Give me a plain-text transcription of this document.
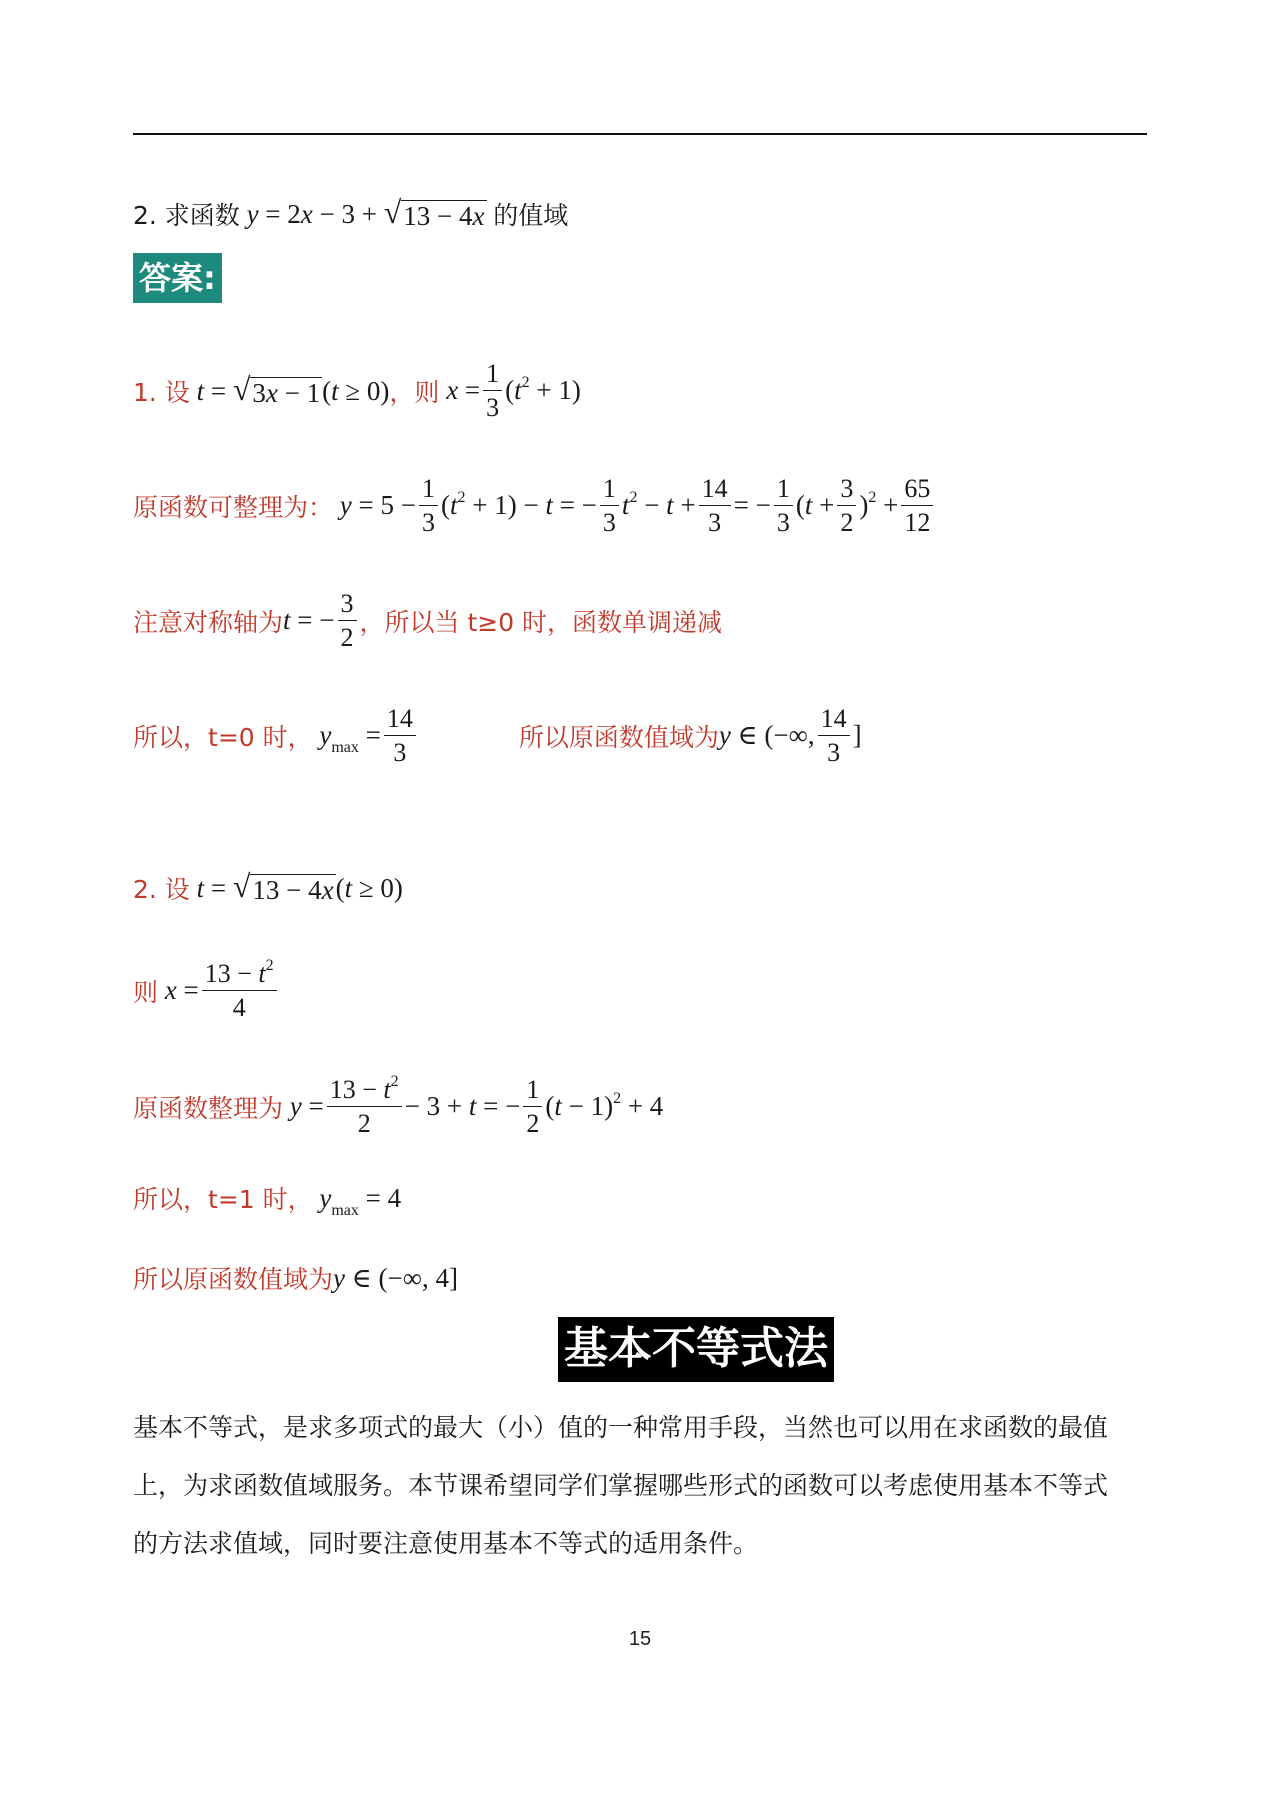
2. 求函数 y = 2x − 3 + √ 13 − 4x
的值域
答案:
1. 设 t = √ 3x − 1 (t ≥ 0) ，则 $x = \frac{1}{3} (t^2 + 1)$
原函数可整理为： $y = 5 - \frac{1}{3} (t^2 + 1) - t$ = − $\frac{1}{3} t^2 - t + \frac{14}{3}$ = − $\frac{1}{3} (t + \frac{3}{2} )^2 + \frac{65}{12}$
注意对称轴为 t = − $\frac{3}{2}$ ，所以当 t≥0 时，函数单调递减
所以， t=0 时， $y_{max} = \frac{14}{3}$	所以原函数值域为 y ∈ (−∞, $\frac{14}{3}$ ]
2. 设 t = √ 13 − 4x (t ≥ 0)
则 $x = \frac{13 - t^2}{4}$
原函数整理为 $y = \frac{13 - t^2}{2} - 3 + t$ = − $\frac{1}{2} (t - 1)^2 + 4$
所以， t=1 时， $y_{max} = 4$
所以原函数值域为 y ∈ (−∞, 4]
基本不等式法
基本不等式，是求多项式的最大（小）值的一种常用手段，当然也可以用在求函数的最值
上，为求函数值域服务。本节课希望同学们掌握哪些形式的函数可以考虑使用基本不等式
的方法求值域，同时要注意使用基本不等式的适用条件。
15
